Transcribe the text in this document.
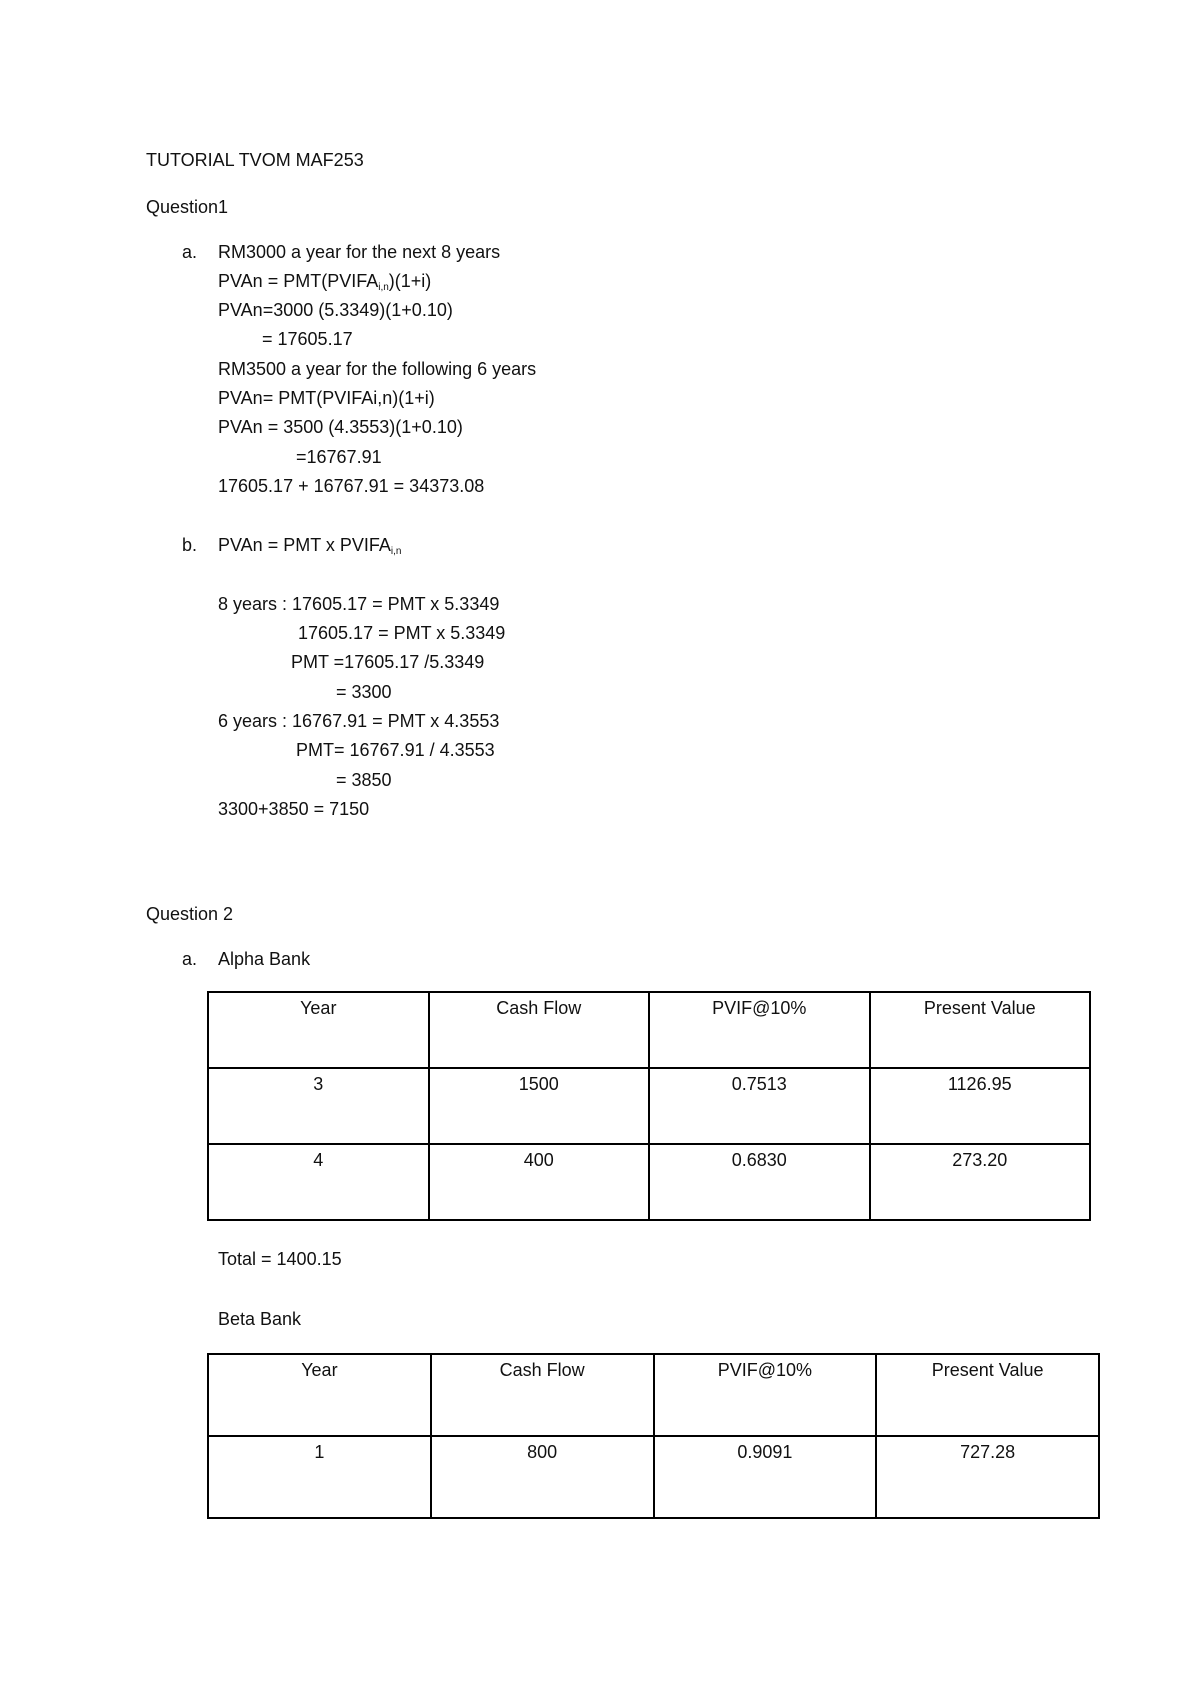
TUTORIAL TVOM MAF253
Question1
a. RM3000 a year for the next 8 years
PVAn = $PMT(PVIFA_{i,n})(1+i)$
PVAn=3000 (5.3349)(1+0.10)
= 17605.17
RM3500 a year for the following 6 years
PVAn= PMT(PVIFAi,n)(1+i)
PVAn = 3500 (4.3553)(1+0.10)
=16767.91
17605.17 + 16767.91 = 34373.08
b. PVAn = PMT x $PVIFA_{i,n}$
8 years : 17605.17 = PMT x 5.3349
17605.17 = PMT x 5.3349
PMT =17605.17 /5.3349
= 3300
6 years : 16767.91 = PMT x 4.3553
PMT= 16767.91 / 4.3553
= 3850
3300+3850 = 7150
Question 2
a. Alpha Bank
Year	Cash Flow	PVIF@10%	Present Value
3	1500	0.7513	1126.95
4	400	0.6830	273.20
Total = 1400.15
Beta Bank
Year	Cash Flow	PVIF@10%	Present Value
1	800	0.9091	727.28
